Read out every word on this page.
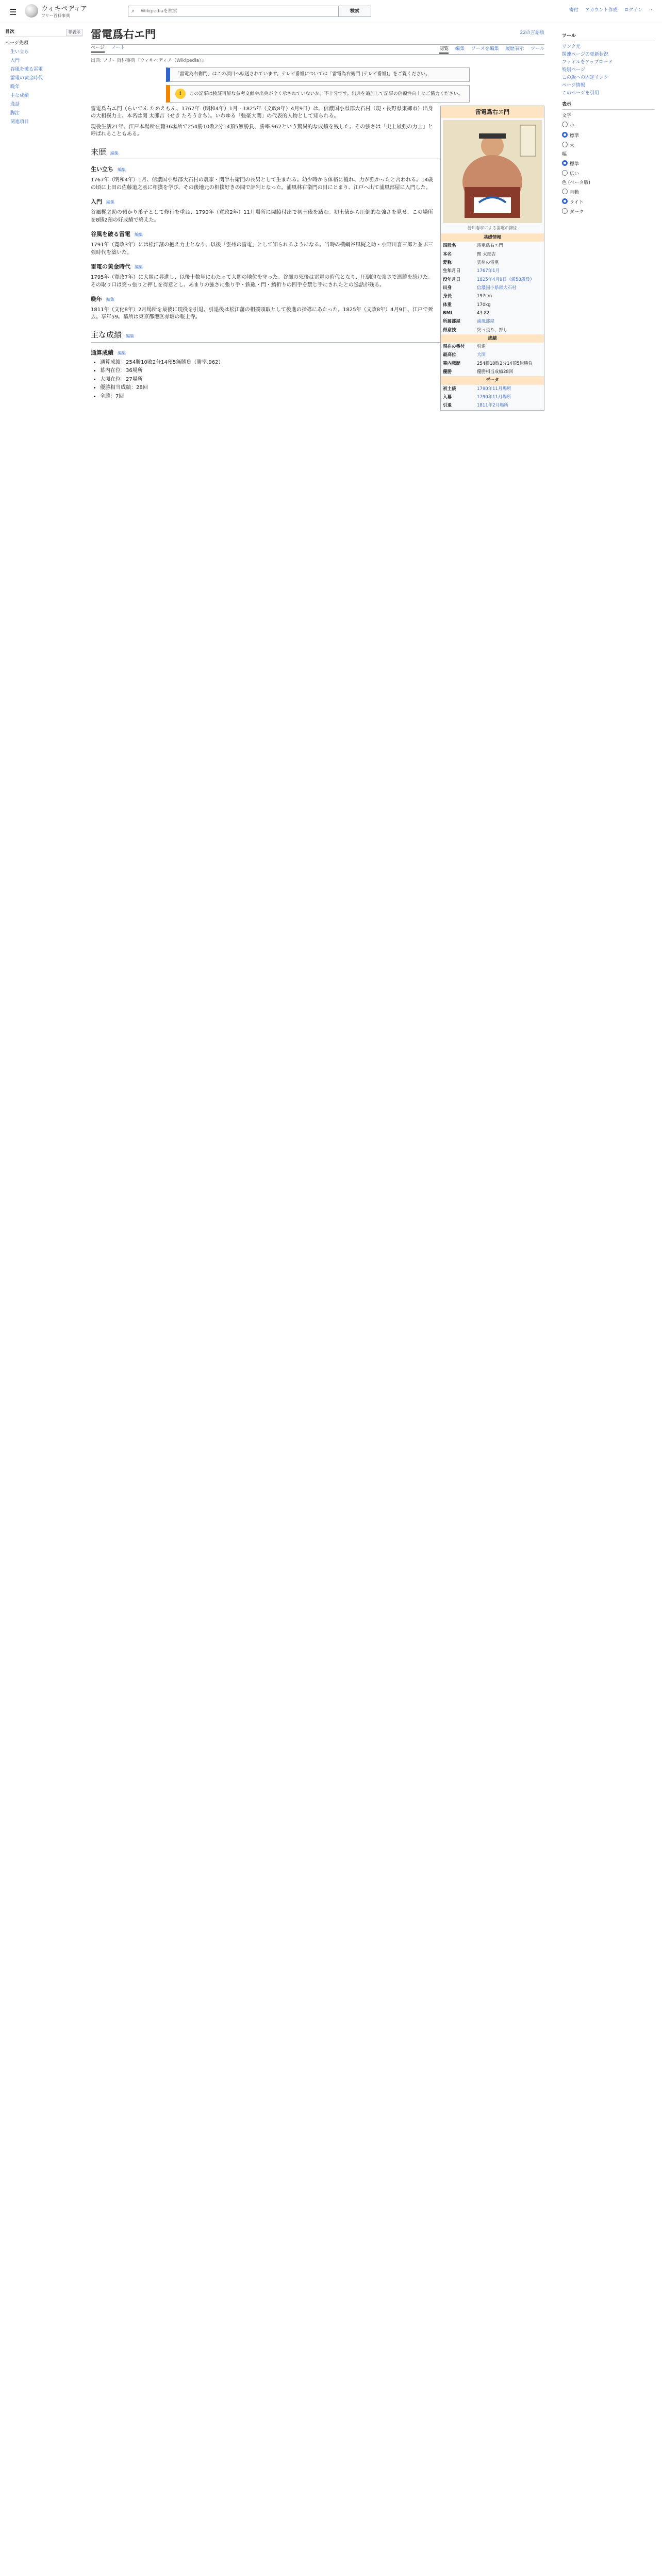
☰	ウィキペディア
フリー百科事典
⌕
Wikipediaを検索	検索	寄付 アカウント作成 ログイン ⋯
目次	非表示
ページ先頭
生い立ち
入門
谷風を破る雷電
雷電の黄金時代
晩年
主な成績
逸話
脚注
関連項目
雷電爲右エ門	22の言語版
ページ ノート	閲覧 編集 ソースを編集 履歴表示 ツール
出典: フリー百科事典『ウィキペディア（Wikipedia）』
「雷電為右衛門」はこの項目へ転送されています。テレビ番組については「雷電為右衛門 (テレビ番組)」をご覧ください。
! この記事は検証可能な参考文献や出典が全く示されていないか、不十分です。出典を追加して記事の信頼性向上にご協力ください。
雷電爲右エ門
勝川春亭による雷電の錦絵
基礎情報
四股名	雷電爲右エ門
本名	関 太郎吉
愛称	雲州の雷電
生年月日	1767年1月
没年月日	1825年4月9日（満58歳没）
出身	信濃国小県郡大石村
身長	197cm
体重	170kg
BMI	43.82
所属部屋	浦風部屋
得意技	突っ張り、押し
成績
現在の番付	引退
最高位	大関
幕内戦歴	254勝10敗2分14預5無勝負
優勝	優勝相当成績28回
データ
初土俵	1790年11月場所
入幕	1790年11月場所
引退	1811年2月場所

雷電爲右エ門（らいでん ためえもん、1767年（明和4年）1月 - 1825年（文政8年）4月9日）は、信濃国小県郡大石村（現・長野県東御市）出身の大相撲力士。本名は関 太郎吉（せき たろうきち）。いわゆる「強豪大関」の代表的人物として知られる。

現役生活21年、江戸本場所在籍36場所で254勝10敗2分14預5無勝負、勝率.962という驚異的な成績を残した。その強さは「史上最強の力士」と呼ばれることもある。

来歴 編集
生い立ち 編集

1767年（明和4年）1月、信濃国小県郡大石村の農家・関半右衛門の長男として生まれる。幼少時から体格に優れ、力が強かったと言われる。14歳の頃に上田の佐藤道之丞に相撲を学び、その後地元の相撲好きの間で評判となった。浦風林右衛門の目にとまり、江戸へ出て浦風部屋に入門した。

入門 編集

谷風梶之助の預かり弟子として修行を重ね、1790年（寛政2年）11月場所に関脇付出で初土俵を踏む。初土俵から圧倒的な強さを見せ、この場所を8勝2預の好成績で終えた。

谷風を破る雷電 編集

1791年（寛政3年）には松江藩の抱え力士となり、以後「雲州の雷電」として知られるようになる。当時の横綱谷風梶之助・小野川喜三郎と並ぶ三強時代を築いた。

雷電の黄金時代 編集

1795年（寛政7年）に大関に昇進し、以後十数年にわたって大関の地位を守った。谷風の死後は雷電の時代となり、圧倒的な強さで連勝を続けた。その取り口は突っ張りと押しを得意とし、あまりの強さに張り手・鉄砲・閂・鯖折りの四手を禁じ手にされたとの逸話が残る。

晩年 編集

1811年（文化8年）2月場所を最後に現役を引退。引退後は松江藩の相撲頭取として後進の指導にあたった。1825年（文政8年）4月9日、江戸で死去。享年59。墓所は東京都港区赤坂の報土寺。

主な成績 編集
通算成績 編集
• 通算成績：254勝10敗2分14預5無勝負（勝率.962）
• 幕内在位：36場所
• 大関在位：27場所
• 優勝相当成績：28回
• 全勝：7回
ツール
リンク元
関連ページの更新状況
ファイルをアップロード
特別ページ
この版への固定リンク
ページ情報
このページを引用
表示
文字
小
標準
大
幅
標準
広い
色 (ベータ版)
自動
ライト
ダーク
